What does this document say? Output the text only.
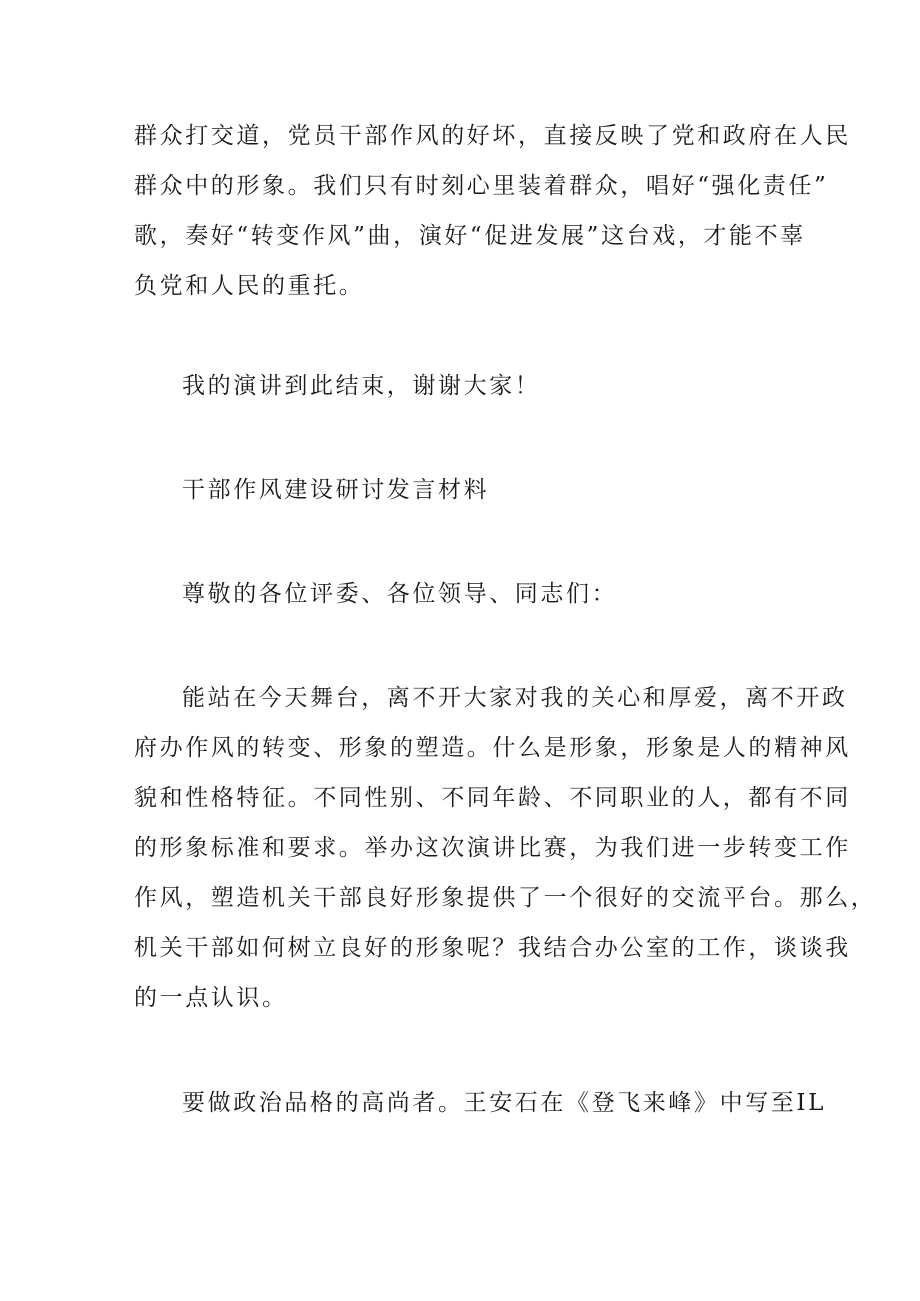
群众打交道，党员干部作风的好坏，直接反映了党和政府在人民
群众中的形象。我们只有时刻心里装着群众，唱好“强化责任”
歌，奏好“转变作风”曲，演好“促进发展”这台戏，才能不辜
负党和人民的重托。

我的演讲到此结束，谢谢大家！

干部作风建设研讨发言材料

尊敬的各位评委、各位领导、同志们：

能站在今天舞台，离不开大家对我的关心和厚爱，离不开政
府办作风的转变、形象的塑造。什么是形象，形象是人的精神风
貌和性格特征。不同性别、不同年龄、不同职业的人，都有不同
的形象标准和要求。举办这次演讲比赛，为我们进一步转变工作
作风，塑造机关干部良好形象提供了一个很好的交流平台。那么，
机关干部如何树立良好的形象呢？我结合办公室的工作，谈谈我
的一点认识。

要做政治品格的高尚者。王安石在《登飞来峰》中写至IL
